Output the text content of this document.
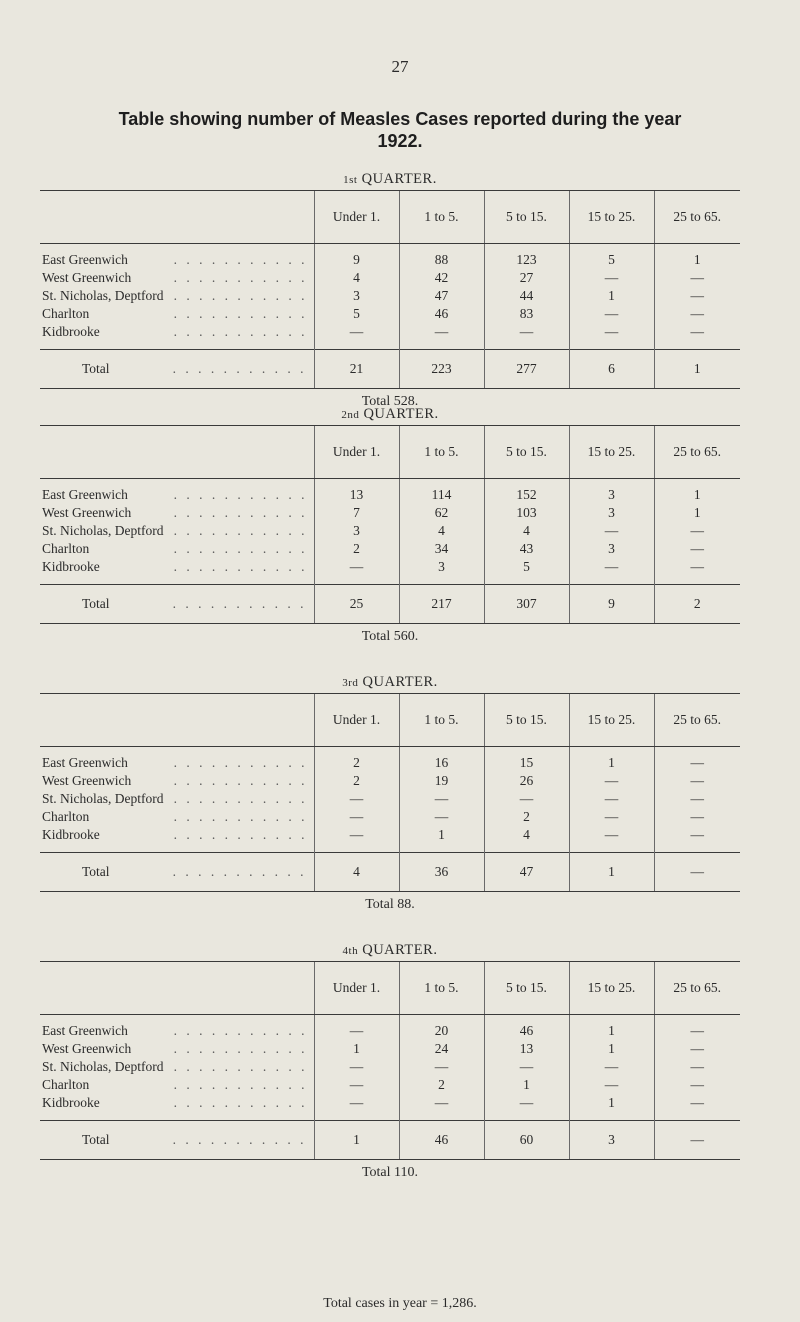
27
Table showing number of Measles Cases reported during the year
1922.
1st QUARTER.
	Under 1.	1 to 5.	5 to 15.	15 to 25.	25 to 65.
East Greenwich . . . . . . . . . . .	9	88	123	5	1
West Greenwich . . . . . . . . . . .	4	42	27	—	—
St. Nicholas, Deptford . . . . . . . . . . .	3	47	44	1	—
Charlton . . . . . . . . . . .	5	46	83	—	—
Kidbrooke . . . . . . . . . . .	—	—	—	—	—
Total . . . . . . . . . . .	21	223	277	6	1
Total 528.
2nd QUARTER.
	Under 1.	1 to 5.	5 to 15.	15 to 25.	25 to 65.
East Greenwich . . . . . . . . . . .	13	114	152	3	1
West Greenwich . . . . . . . . . . .	7	62	103	3	1
St. Nicholas, Deptford . . . . . . . . . . .	3	4	4	—	—
Charlton . . . . . . . . . . .	2	34	43	3	—
Kidbrooke . . . . . . . . . . .	—	3	5	—	—
Total . . . . . . . . . . .	25	217	307	9	2
Total 560.
3rd QUARTER.
	Under 1.	1 to 5.	5 to 15.	15 to 25.	25 to 65.
East Greenwich . . . . . . . . . . .	2	16	15	1	—
West Greenwich . . . . . . . . . . .	2	19	26	—	—
St. Nicholas, Deptford . . . . . . . . . . .	—	—	—	—	—
Charlton . . . . . . . . . . .	—	—	2	—	—
Kidbrooke . . . . . . . . . . .	—	1	4	—	—
Total . . . . . . . . . . .	4	36	47	1	—
Total 88.
4th QUARTER.
	Under 1.	1 to 5.	5 to 15.	15 to 25.	25 to 65.
East Greenwich . . . . . . . . . . .	—	20	46	1	—
West Greenwich . . . . . . . . . . .	1	24	13	1	—
St. Nicholas, Deptford . . . . . . . . . . .	—	—	—	—	—
Charlton . . . . . . . . . . .	—	2	1	—	—
Kidbrooke . . . . . . . . . . .	—	—	—	1	—
Total . . . . . . . . . . .	1	46	60	3	—
Total 110.
Total cases in year = 1,286.
